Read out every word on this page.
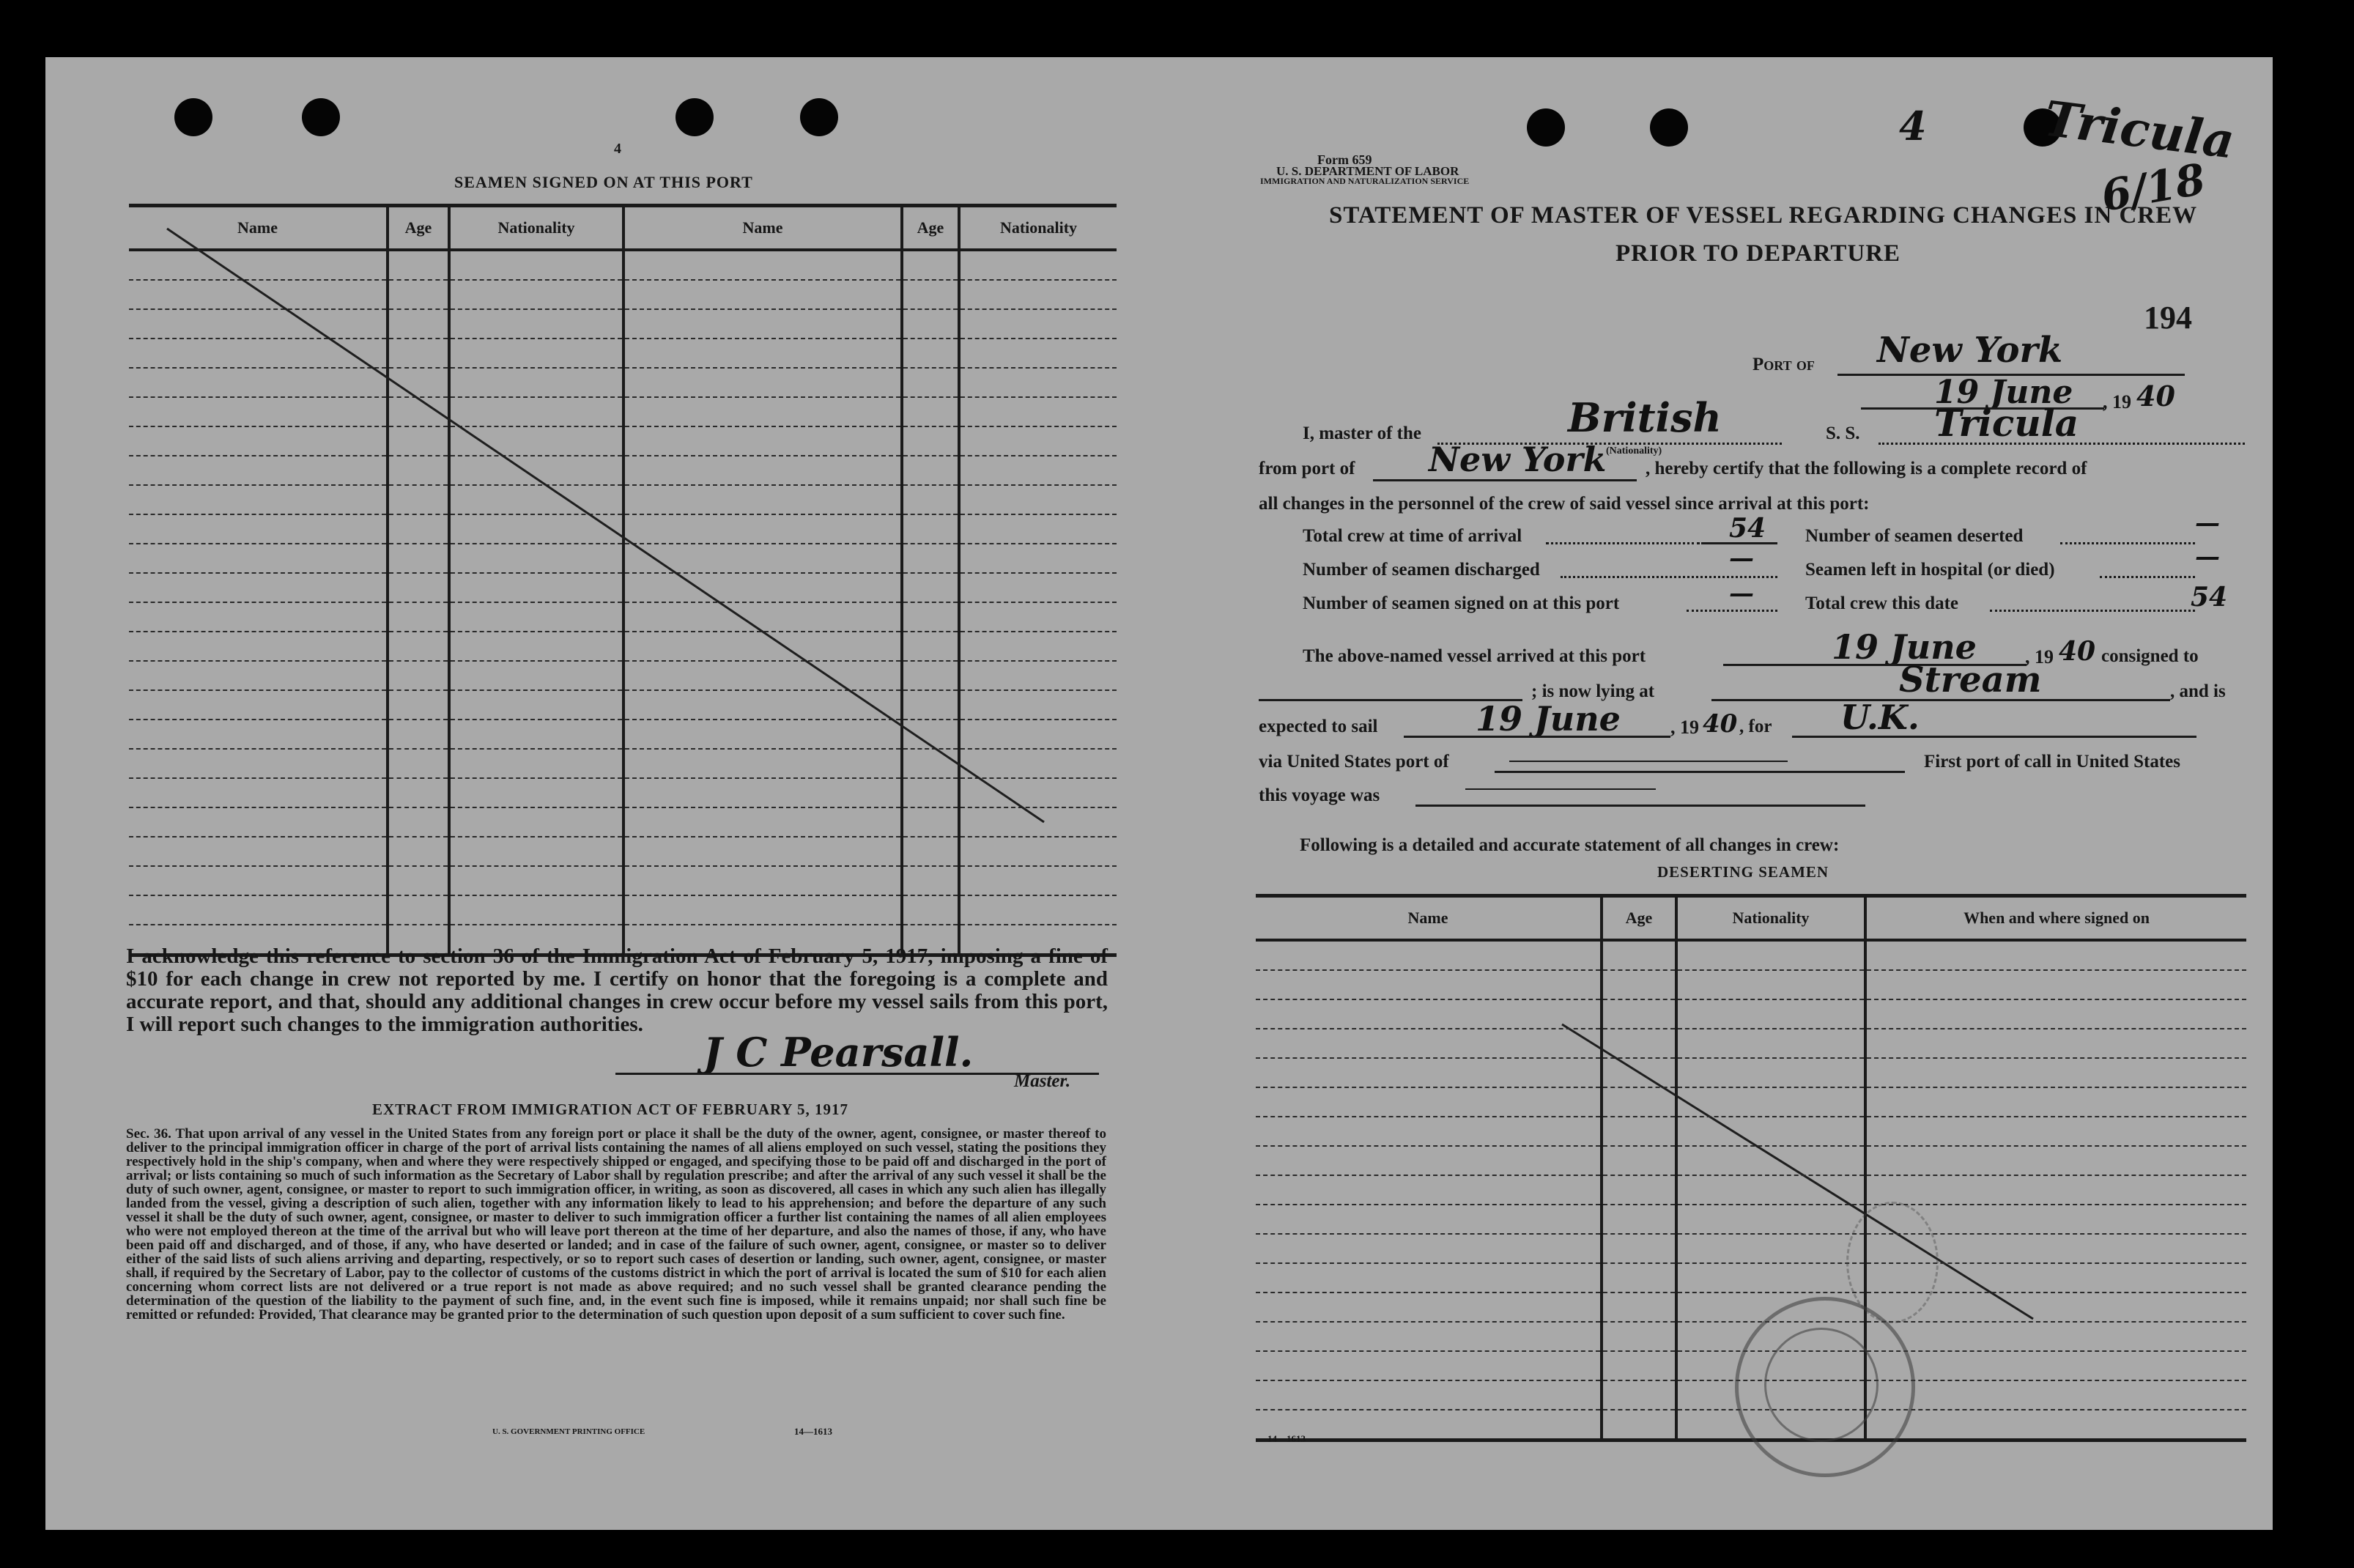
4
SEAMEN SIGNED ON AT THIS PORT
Name	Age	Nationality	Name	Age	Nationality

I acknowledge this reference to section 36 of the Immigration Act of February 5, 1917, imposing a fine of $10 for each change in crew not reported by me. I certify on honor that the foregoing is a complete and accurate report, and that, should any additional changes in crew occur before my vessel sails from this port, I will report such changes to the immigration authorities.
J C Pearsall.
Master.
EXTRACT FROM IMMIGRATION ACT OF FEBRUARY 5, 1917
Sec. 36. That upon arrival of any vessel in the United States from any foreign port or place it shall be the duty of the owner, agent, consignee, or master thereof to deliver to the principal immigration officer in charge of the port of arrival lists containing the names of all aliens employed on such vessel, stating the positions they respectively hold in the ship's company, when and where they were respectively shipped or engaged, and specifying those to be paid off and discharged in the port of arrival; or lists containing so much of such information as the Secretary of Labor shall by regulation prescribe; and after the arrival of any such vessel it shall be the duty of such owner, agent, consignee, or master to report to such immigration officer, in writing, as soon as discovered, all cases in which any such alien has illegally landed from the vessel, giving a description of such alien, together with any information likely to lead to his apprehension; and before the departure of any such vessel it shall be the duty of such owner, agent, consignee, or master to deliver to such immigration officer a further list containing the names of all alien employees who were not employed thereon at the time of the arrival but who will leave port thereon at the time of her departure, and also the names of those, if any, who have been paid off and discharged, and of those, if any, who have deserted or landed; and in case of the failure of such owner, agent, consignee, or master so to deliver either of the said lists of such aliens arriving and departing, respectively, or so to report such cases of desertion or landing, such owner, agent, consignee, or master shall, if required by the Secretary of Labor, pay to the collector of customs of the customs district in which the port of arrival is located the sum of $10 for each alien concerning whom correct lists are not delivered or a true report is not made as above required; and no such vessel shall be granted clearance pending the determination of the question of the liability to the payment of such fine, and, in the event such fine is imposed, while it remains unpaid; nor shall such fine be remitted or refunded: Provided, That clearance may be granted prior to the determination of such question upon deposit of a sum sufficient to cover such fine.
U. S. GOVERNMENT PRINTING OFFICE	14—1613
Form 659
U. S. DEPARTMENT OF LABOR
IMMIGRATION AND NATURALIZATION SERVICE
4 Tricula
6/18
STATEMENT OF MASTER OF VESSEL REGARDING CHANGES IN CREW
PRIOR TO DEPARTURE
194
Port of New York
19 June , 19 40
I, master of the	British
(Nationality)
S. S. Tricula
from port of New York , hereby certify that the following is a complete record of
all changes in the personnel of the crew of said vessel since arrival at this port:
Total crew at time of arrival	54 Number of seamen deserted	—
Number of seamen discharged	—	Seamen left in hospital (or died)	—
Number of seamen signed on at this port	—	Total crew this date	54
The above-named vessel arrived at this port	19 June	, 19 40 consigned to
; is now lying at	Stream	, and is
expected to sail	19 June	, 19 40 , for U.K.
via United States port of	First port of call in United States
this voyage was
Following is a detailed and accurate statement of all changes in crew:
DESERTING SEAMEN
Name	Age	Nationality	When and where signed on

14—1613
